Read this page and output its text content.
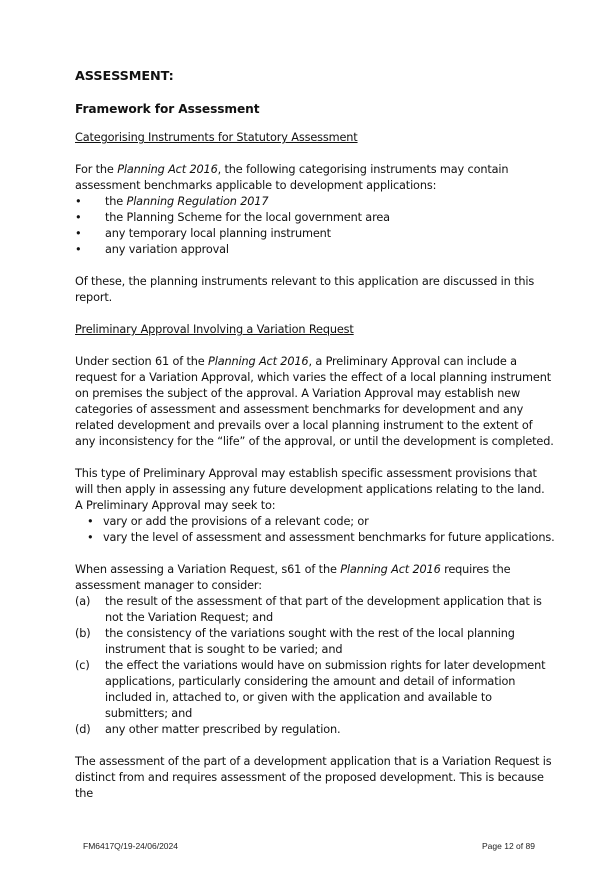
ASSESSMENT:
Framework for Assessment
Categorising Instruments for Statutory Assessment

For the Planning Act 2016, the following categorising instruments may contain assessment benchmarks applicable to development applications:

• the Planning Regulation 2017
• the Planning Scheme for the local government area
• any temporary local planning instrument
• any variation approval

Of these, the planning instruments relevant to this application are discussed in this report.

Preliminary Approval Involving a Variation Request

Under section 61 of the Planning Act 2016, a Preliminary Approval can include a request for a Variation Approval, which varies the effect of a local planning instrument on premises the subject of the approval. A Variation Approval may establish new categories of assessment and assessment benchmarks for development and any related development and prevails over a local planning instrument to the extent of any inconsistency for the “life” of the approval, or until the development is completed.

This type of Preliminary Approval may establish specific assessment provisions that will then apply in assessing any future development applications relating to the land. A Preliminary Approval may seek to:

• vary or add the provisions of a relevant code; or
• vary the level of assessment and assessment benchmarks for future applications.

When assessing a Variation Request, s61 of the Planning Act 2016 requires the assessment manager to consider:

(a) the result of the assessment of that part of the development application that is not the Variation Request; and
(b) the consistency of the variations sought with the rest of the local planning instrument that is sought to be varied; and
(c) the effect the variations would have on submission rights for later development applications, particularly considering the amount and detail of information included in, attached to, or given with the application and available to submitters; and
(d) any other matter prescribed by regulation.

The assessment of the part of a development application that is a Variation Request is distinct from and requires assessment of the proposed development. This is because the

FM6417Q/19-24/06/2024	Page 12 of 89
